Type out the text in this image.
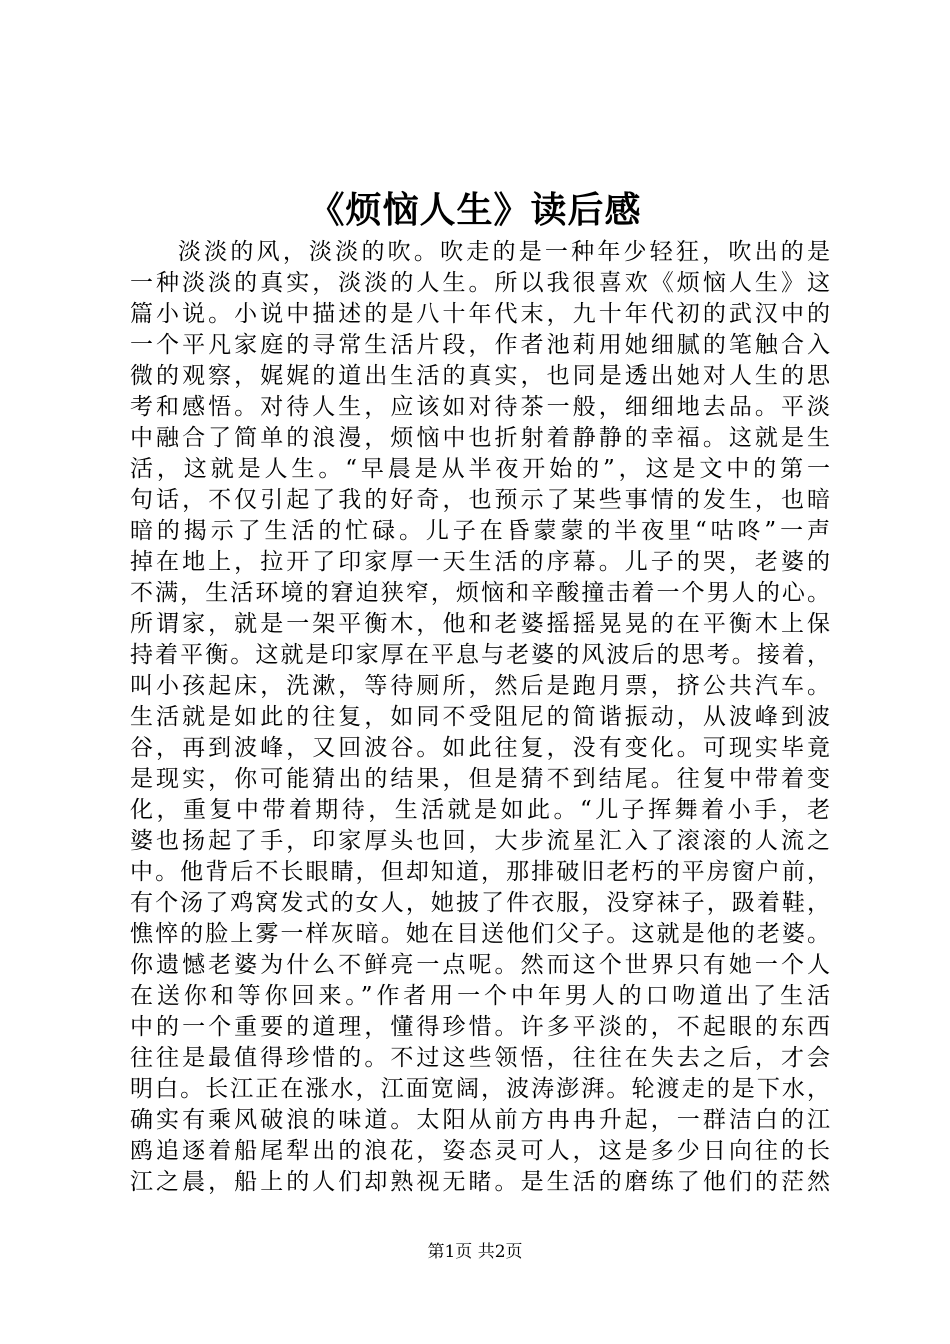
《烦恼人生》读后感
淡淡的风，淡淡的吹。吹走的是一种年少轻狂，吹出的是
一种淡淡的真实，淡淡的人生。所以我很喜欢《烦恼人生》这
篇小说。小说中描述的是八十年代末，九十年代初的武汉中的
一个平凡家庭的寻常生活片段，作者池莉用她细腻的笔触合入
微的观察，娓娓的道出生活的真实，也同是透出她对人生的思
考和感悟。对待人生，应该如对待茶一般，细细地去品。平淡
中融合了简单的浪漫，烦恼中也折射着静静的幸福。这就是生
活，这就是人生。“早晨是从半夜开始的”，这是文中的第一
句话，不仅引起了我的好奇，也预示了某些事情的发生，也暗
暗的揭示了生活的忙碌。儿子在昏蒙蒙的半夜里“咕咚”一声
掉在地上，拉开了印家厚一天生活的序幕。儿子的哭，老婆的
不满，生活环境的窘迫狭窄，烦恼和辛酸撞击着一个男人的心。
所谓家，就是一架平衡木，他和老婆摇摇晃晃的在平衡木上保
持着平衡。这就是印家厚在平息与老婆的风波后的思考。接着，
叫小孩起床，洗漱，等待厕所，然后是跑月票，挤公共汽车。
生活就是如此的往复，如同不受阻尼的简谐振动，从波峰到波
谷，再到波峰，又回波谷。如此往复，没有变化。可现实毕竟
是现实，你可能猜出的结果，但是猜不到结尾。往复中带着变
化，重复中带着期待，生活就是如此。“儿子挥舞着小手，老
婆也扬起了手，印家厚头也回，大步流星汇入了滚滚的人流之
中。他背后不长眼睛，但却知道，那排破旧老朽的平房窗户前，
有个汤了鸡窝发式的女人，她披了件衣服，没穿袜子，趿着鞋，
憔悴的脸上雾一样灰暗。她在目送他们父子。这就是他的老婆。
你遗憾老婆为什么不鲜亮一点呢。然而这个世界只有她一个人
在送你和等你回来。”作者用一个中年男人的口吻道出了生活
中的一个重要的道理，懂得珍惜。许多平淡的，不起眼的东西
往往是最值得珍惜的。不过这些领悟，往往在失去之后，才会
明白。长江正在涨水，江面宽阔，波涛澎湃。轮渡走的是下水，
确实有乘风破浪的味道。太阳从前方冉冉升起，一群洁白的江
鸥追逐着船尾犁出的浪花，姿态灵可人，这是多少日向往的长
江之晨，船上的人们却熟视无睹。是生活的磨练了他们的茫然
第1页 共2页
